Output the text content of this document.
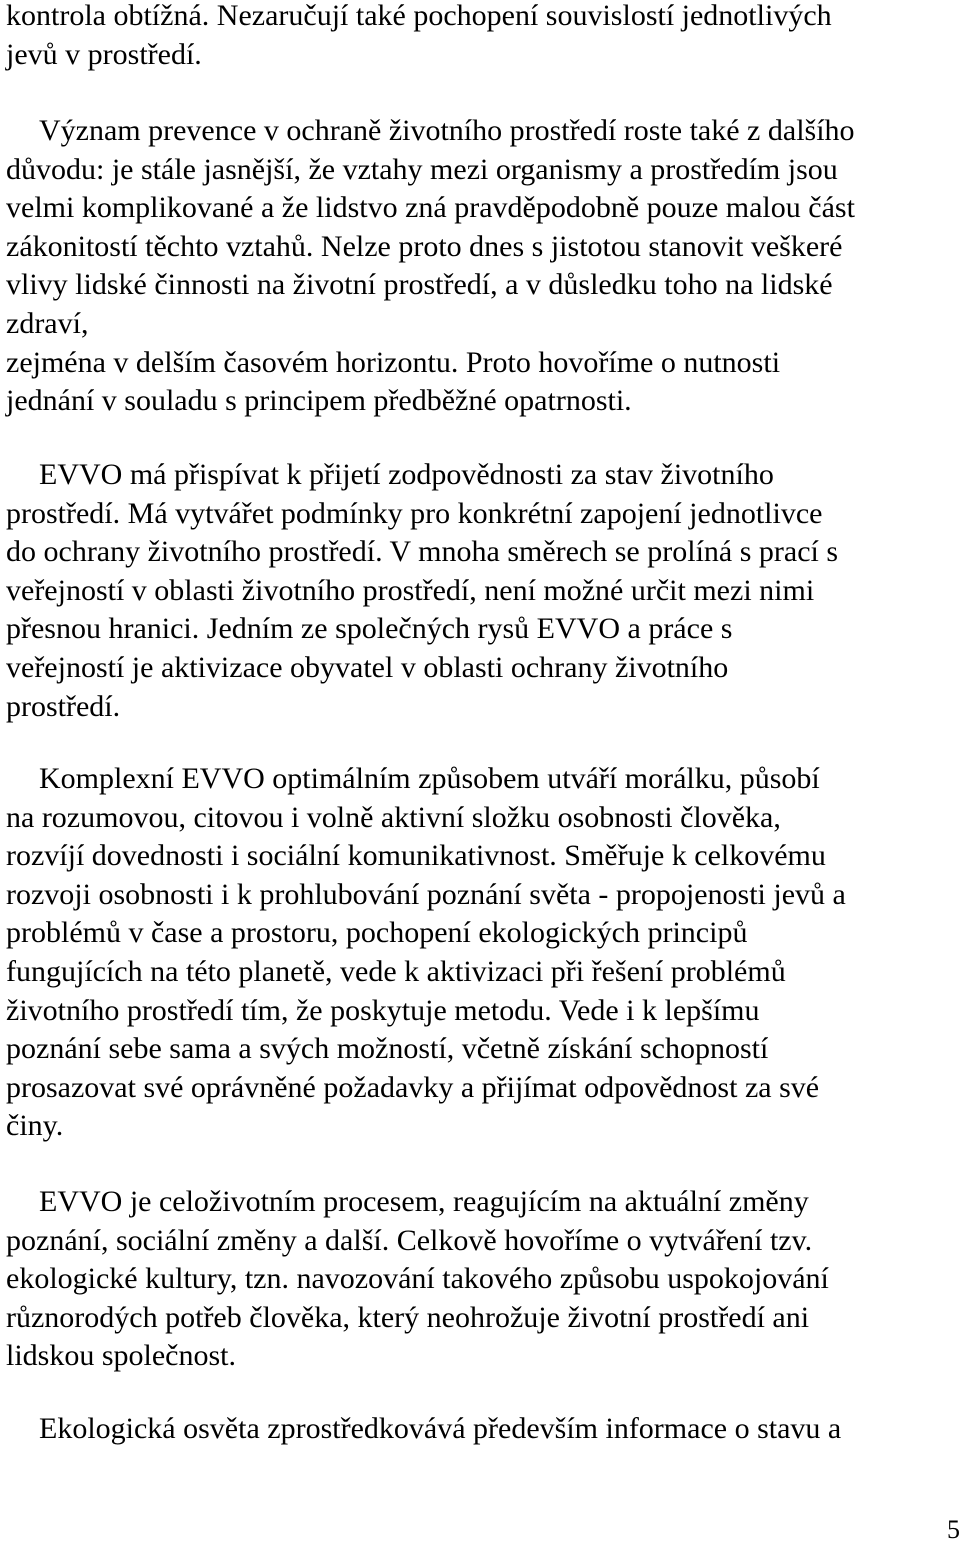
kontrola obtížná. Nezaručují také pochopení souvislostí jednotlivých
jevů v prostředí.
Význam prevence v ochraně životního prostředí roste také z dalšího
důvodu: je stále jasnější, že vztahy mezi organismy a prostředím jsou
velmi komplikované a že lidstvo zná pravděpodobně pouze malou část
zákonitostí těchto vztahů. Nelze proto dnes s jistotou stanovit veškeré
vlivy lidské činnosti na životní prostředí, a v důsledku toho na lidské
zdraví,
zejména v delším časovém horizontu. Proto hovoříme o nutnosti
jednání v souladu s principem předběžné opatrnosti.
EVVO má přispívat k přijetí zodpovědnosti za stav životního
prostředí. Má vytvářet podmínky pro konkrétní zapojení jednotlivce
do ochrany životního prostředí. V mnoha směrech se prolíná s prací s
veřejností v oblasti životního prostředí, není možné určit mezi nimi
přesnou hranici. Jedním ze společných rysů EVVO a práce s
veřejností je aktivizace obyvatel v oblasti ochrany životního
prostředí.
Komplexní EVVO optimálním způsobem utváří morálku, působí
na rozumovou, citovou i volně aktivní složku osobnosti člověka,
rozvíjí dovednosti i sociální komunikativnost. Směřuje k celkovému
rozvoji osobnosti i k prohlubování poznání světa - propojenosti jevů a
problémů v čase a prostoru, pochopení ekologických principů
fungujících na této planetě, vede k aktivizaci při řešení problémů
životního prostředí tím, že poskytuje metodu. Vede i k lepšímu
poznání sebe sama a svých možností, včetně získání schopností
prosazovat své oprávněné požadavky a přijímat odpovědnost za své
činy.
EVVO je celoživotním procesem, reagujícím na aktuální změny
poznání, sociální změny a další. Celkově hovoříme o vytváření tzv.
ekologické kultury, tzn. navozování takového způsobu uspokojování
různorodých potřeb člověka, který neohrožuje životní prostředí ani
lidskou společnost.
Ekologická osvěta zprostředkovává především informace o stavu a
5
